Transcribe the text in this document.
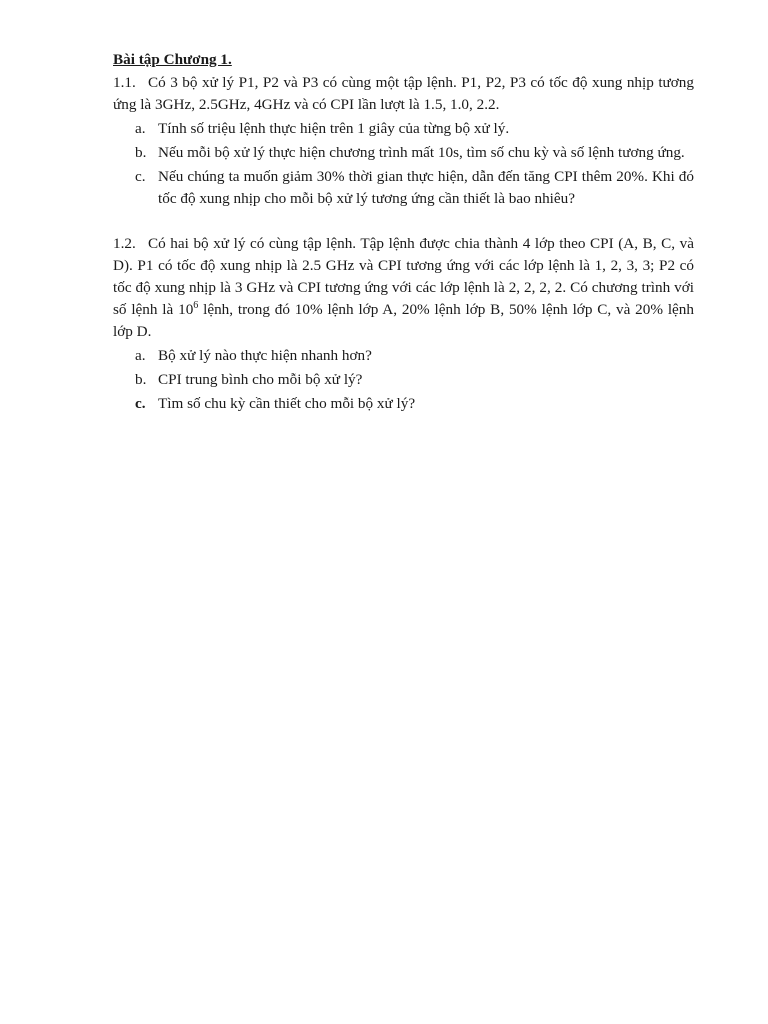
Bài tập Chương 1.

1.1. Có 3 bộ xử lý P1, P2 và P3 có cùng một tập lệnh. P1, P2, P3 có tốc độ xung nhịp tương ứng là 3GHz, 2.5GHz, 4GHz và có CPI lần lượt là 1.5, 1.0, 2.2.

a. Tính số triệu lệnh thực hiện trên 1 giây của từng bộ xử lý.
b. Nếu mỗi bộ xử lý thực hiện chương trình mất 10s, tìm số chu kỳ và số lệnh tương ứng.
c. Nếu chúng ta muốn giảm 30% thời gian thực hiện, dẫn đến tăng CPI thêm 20%. Khi đó tốc độ xung nhịp cho mỗi bộ xử lý tương ứng cần thiết là bao nhiêu?

1.2. Có hai bộ xử lý có cùng tập lệnh. Tập lệnh được chia thành 4 lớp theo CPI (A, B, C, và D). P1 có tốc độ xung nhịp là 2.5 GHz và CPI tương ứng với các lớp lệnh là 1, 2, 3, 3; P2 có tốc độ xung nhịp là 3 GHz và CPI tương ứng với các lớp lệnh là 2, 2, 2, 2. Có chương trình với số lệnh là $10^6$ lệnh, trong đó 10% lệnh lớp A, 20% lệnh lớp B, 50% lệnh lớp C, và 20% lệnh lớp D.

a. Bộ xử lý nào thực hiện nhanh hơn?
b. CPI trung bình cho mỗi bộ xử lý?
c. Tìm số chu kỳ cần thiết cho mỗi bộ xử lý?
